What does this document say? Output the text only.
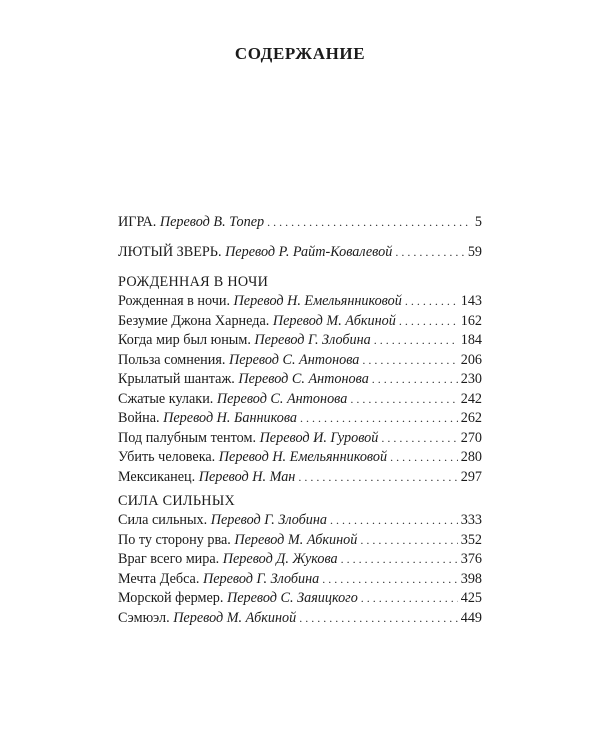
СОДЕРЖАНИЕ
ИГРА. Перевод В. Топер . . .	5
ЛЮТЫЙ ЗВЕРЬ. Перевод Р. Райт-Ковалевой . . .	59
РОЖДЕННАЯ В НОЧИ
Рожденная в ночи. Перевод Н. Емельянниковой . . .	143
Безумие Джона Харнеда. Перевод М. Абкиной . . .	162
Когда мир был юным. Перевод Г. Злобина . . .	184
Польза сомнения. Перевод С. Антонова . . .	206
Крылатый шантаж. Перевод С. Антонова . . .	230
Сжатые кулаки. Перевод С. Антонова . . .	242
Война. Перевод Н. Банникова . . .	262
Под палубным тентом. Перевод И. Гуровой . . .	270
Убить человека. Перевод Н. Емельянниковой . . .	280
Мексиканец. Перевод Н. Ман . . .	297
СИЛА СИЛЬНЫХ
Сила сильных. Перевод Г. Злобина . . .	333
По ту сторону рва. Перевод М. Абкиной . . .	352
Враг всего мира. Перевод Д. Жукова . . .	376
Мечта Дебса. Перевод Г. Злобина . . .	398
Морской фермер. Перевод С. Заяицкого . . .	425
Сэмюэл. Перевод М. Абкиной . . .	449
